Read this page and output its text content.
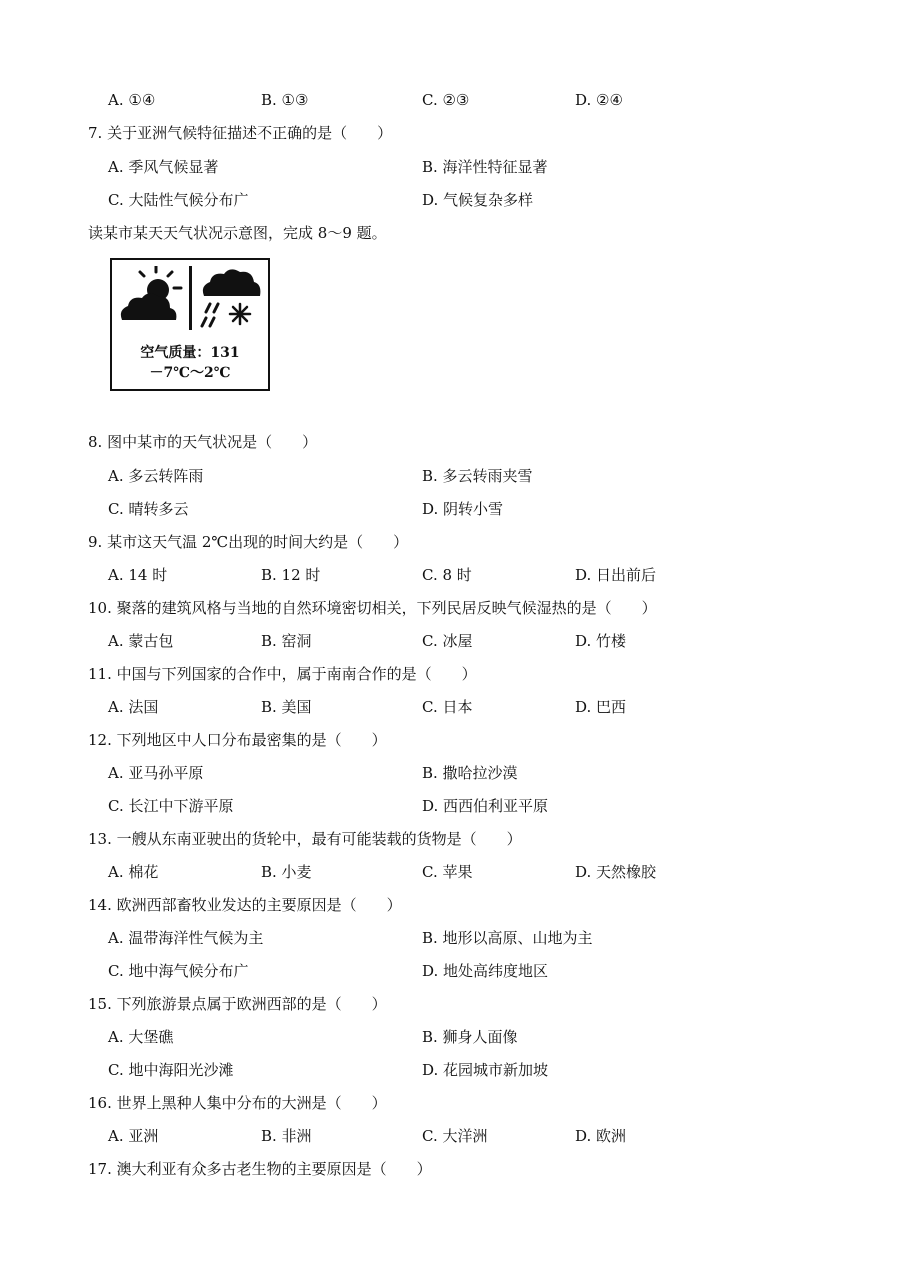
A. ①④	B. ①③	C. ②③	D. ②④
7. 关于亚洲气候特征描述不正确的是（　　）
A. 季风气候显著	B. 海洋性特征显著
C. 大陆性气候分布广	D. 气候复杂多样
读某市某天天气状况示意图，完成 8～9 题。
空气质量：131
－7℃～2℃
8. 图中某市的天气状况是（　　）
A. 多云转阵雨	B. 多云转雨夹雪
C. 晴转多云	D. 阴转小雪
9. 某市这天气温 2℃出现的时间大约是（　　）
A. 14 时	B. 12 时	C. 8 时	D. 日出前后
10. 聚落的建筑风格与当地的自然环境密切相关，下列民居反映气候湿热的是（　　）
A. 蒙古包	B. 窑洞	C. 冰屋	D. 竹楼
11. 中国与下列国家的合作中，属于南南合作的是（　　）
A. 法国	B. 美国	C. 日本	D. 巴西
12. 下列地区中人口分布最密集的是（　　）
A. 亚马孙平原	B. 撒哈拉沙漠
C. 长江中下游平原	D. 西西伯利亚平原
13. 一艘从东南亚驶出的货轮中，最有可能装载的货物是（　　）
A. 棉花	B. 小麦	C. 苹果	D. 天然橡胶
14. 欧洲西部畜牧业发达的主要原因是（　　）
A. 温带海洋性气候为主	B. 地形以高原、山地为主
C. 地中海气候分布广	D. 地处高纬度地区
15. 下列旅游景点属于欧洲西部的是（　　）
A. 大堡礁	B. 狮身人面像
C. 地中海阳光沙滩	D. 花园城市新加坡
16. 世界上黑种人集中分布的大洲是（　　）
A. 亚洲	B. 非洲	C. 大洋洲	D. 欧洲
17. 澳大利亚有众多古老生物的主要原因是（　　）
